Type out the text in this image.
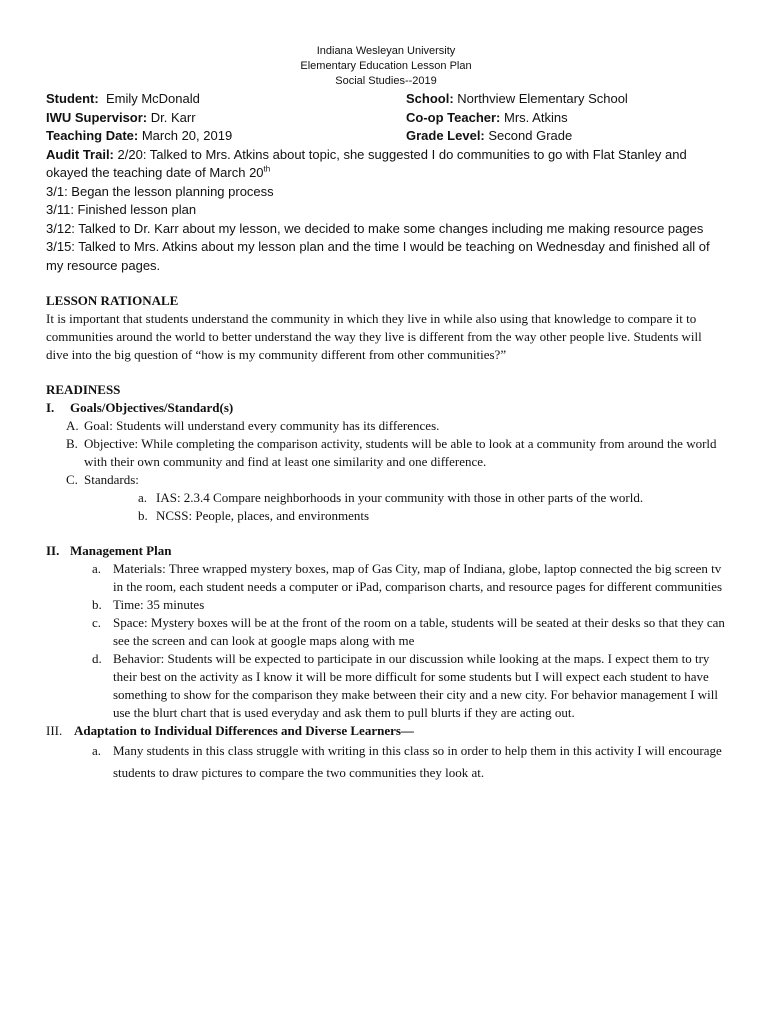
Indiana Wesleyan University
Elementary Education Lesson Plan
Social Studies--2019
Student: Emily McDonald	School: Northview Elementary School
IWU Supervisor: Dr. Karr	Co-op Teacher: Mrs. Atkins
Teaching Date: March 20, 2019	Grade Level: Second Grade
Audit Trail: 2/20: Talked to Mrs. Atkins about topic, she suggested I do communities to go with Flat Stanley and okayed the teaching date of March 20th
3/1: Began the lesson planning process
3/11: Finished lesson plan
3/12: Talked to Dr. Karr about my lesson, we decided to make some changes including me making resource pages
3/15: Talked to Mrs. Atkins about my lesson plan and the time I would be teaching on Wednesday and finished all of my resource pages.
LESSON RATIONALE

It is important that students understand the community in which they live in while also using that knowledge to compare it to communities around the world to better understand the way they live is different from the way other people live. Students will dive into the big question of “how is my community different from other communities?”

READINESS
I.	Goals/Objectives/Standard(s)
A. Goal: Students will understand every community has its differences.
B. Objective: While completing the comparison activity, students will be able to look at a community from around the world with their own community and find at least one similarity and one difference.
C. Standards:
a. IAS: 2.3.4 Compare neighborhoods in your community with those in other parts of the world.
b. NCSS: People, places, and environments
II. Management Plan
a. Materials: Three wrapped mystery boxes, map of Gas City, map of Indiana, globe, laptop connected the big screen tv in the room, each student needs a computer or iPad, comparison charts, and resource pages for different communities
b. Time: 35 minutes
c. Space: Mystery boxes will be at the front of the room on a table, students will be seated at their desks so that they can see the screen and can look at google maps along with me
d. Behavior: Students will be expected to participate in our discussion while looking at the maps. I expect them to try their best on the activity as I know it will be more difficult for some students but I will expect each student to have something to show for the comparison they make between their city and a new city. For behavior management I will use the blurt chart that is used everyday and ask them to pull blurts if they are acting out.
III. Adaptation to Individual Differences and Diverse Learners—
a. Many students in this class struggle with writing in this class so in order to help them in this activity I will encourage students to draw pictures to compare the two communities they look at.
